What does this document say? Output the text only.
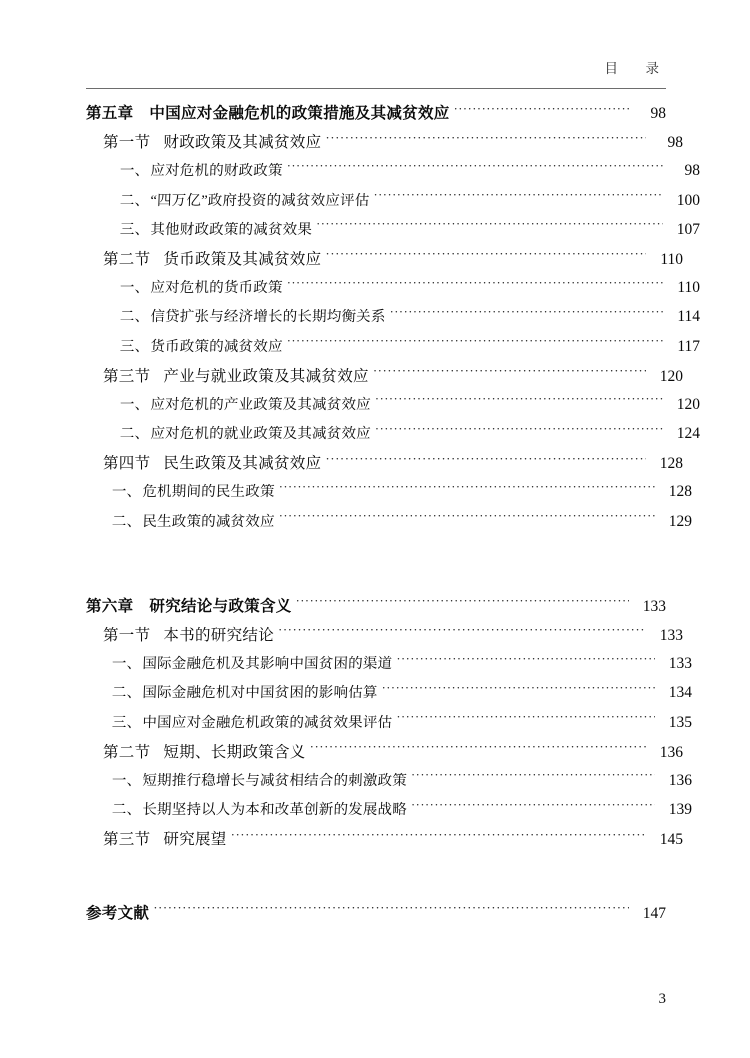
目　录
第五章 中国应对金融危机的政策措施及其减贫效应 ·····	98
第一节 财政政策及其减贫效应 ·····	98
一、应对危机的财政政策 ·····	98
二、“四万亿”政府投资的减贫效应评估 ·····	100
三、其他财政政策的减贫效果 ·····	107
第二节 货币政策及其减贫效应 ·····	110
一、应对危机的货币政策 ·····	110
二、信贷扩张与经济增长的长期均衡关系 ·····	114
三、货币政策的减贫效应 ·····	117
第三节 产业与就业政策及其减贫效应 ·····	120
一、应对危机的产业政策及其减贫效应 ·····	120
二、应对危机的就业政策及其减贫效应 ·····	124
第四节 民生政策及其减贫效应 ·····	128
一、危机期间的民生政策 ·····	128
二、民生政策的减贫效应 ·····	129
第六章 研究结论与政策含义 ·····	133
第一节 本书的研究结论 ·····	133
一、国际金融危机及其影响中国贫困的渠道 ·····	133
二、国际金融危机对中国贫困的影响估算 ·····	134
三、中国应对金融危机政策的减贫效果评估 ·····	135
第二节 短期、长期政策含义 ·····	136
一、短期推行稳增长与减贫相结合的刺激政策 ·····	136
二、长期坚持以人为本和改革创新的发展战略 ·····	139
第三节 研究展望 ·····	145
参考文献 ·····	147
3
